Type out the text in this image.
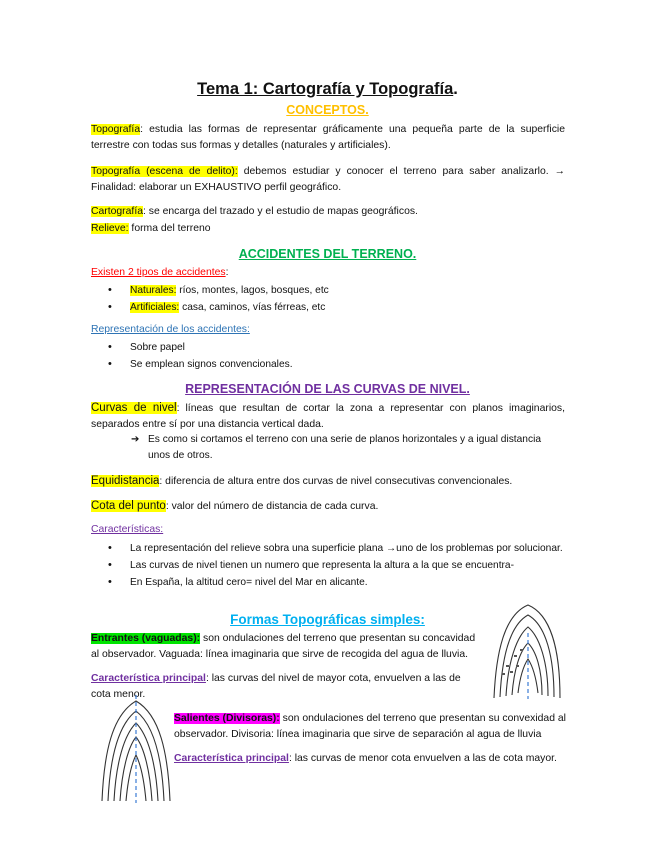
Tema 1: Cartografía y Topografía.
CONCEPTOS.
Topografía: estudia las formas de representar gráficamente una pequeña parte de la superficie terrestre con todas sus formas y detalles (naturales y artificiales).
Topografía (escena de delito): debemos estudiar y conocer el terreno para saber analizarlo. → Finalidad: elaborar un EXHAUSTIVO perfil geográfico.
Cartografía: se encarga del trazado y el estudio de mapas geográficos.
Relieve: forma del terreno
ACCIDENTES DEL TERRENO.
Existen 2 tipos de accidentes:
• Naturales: ríos, montes, lagos, bosques, etc
• Artificiales: casa, caminos, vías férreas, etc
Representación de los accidentes:
• Sobre papel
• Se emplean signos convencionales.
REPRESENTACIÓN DE LAS CURVAS DE NIVEL.
Curvas de nivel: líneas que resultan de cortar la zona a representar con planos imaginarios, separados entre sí por una distancia vertical dada.
➔ Es como si cortamos el terreno con una serie de planos horizontales y a igual distancia unos de otros.
Equidistancia: diferencia de altura entre dos curvas de nivel consecutivas convencionales.
Cota del punto: valor del número de distancia de cada curva.
Características:
• La representación del relieve sobra una superficie plana →uno de los problemas por solucionar.
• Las curvas de nivel tienen un numero que representa la altura a la que se encuentra-
• En España, la altitud cero= nivel del Mar en alicante.
Formas Topográficas simples:
Entrantes (vaguadas): son ondulaciones del terreno que presentan su concavidad al observador. Vaguada: línea imaginaria que sirve de recogida del agua de lluvia.
Característica principal: las curvas del nivel de mayor cota, envuelven a las de cota menor.
Salientes (Divisoras): son ondulaciones del terreno que presentan su convexidad al observador. Divisoria: línea imaginaria que sirve de separación al agua de lluvia
Característica principal: las curvas de menor cota envuelven a las de cota mayor.
